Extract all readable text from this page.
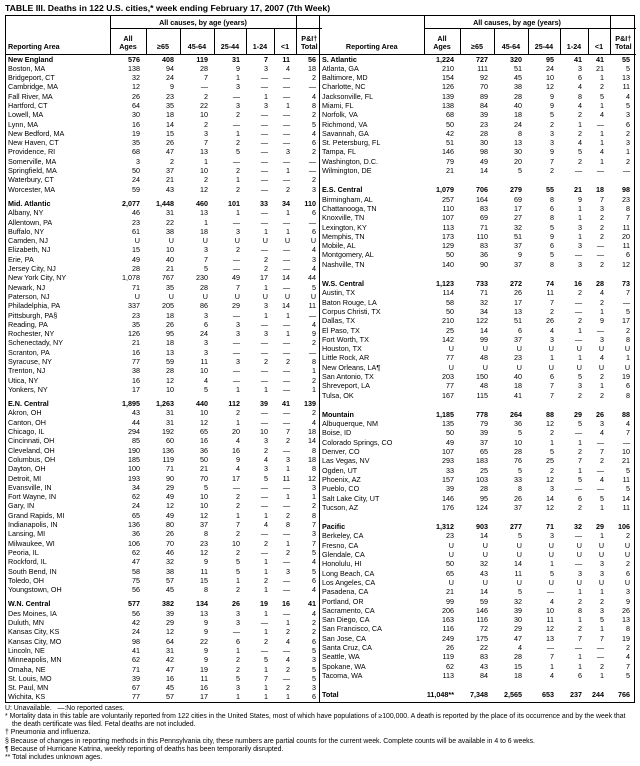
TABLE III. Deaths in 122 U.S. cities,* week ending February 17, 2007 (7th Week)
Reporting Area	All causes, by age (years)						
	All
Ages	≥65	45-64	25-44	1-24	<1	P&I†
Total
New England	576	408	119	31	7	11	56
Boston, MA	138	94	28	9	3	4	18
Bridgeport, CT	32	24	7	1	—	—	2
Cambridge, MA	12	9	—	3	—	—	—
Fall River, MA	26	23	2	—	1	—	4
Hartford, CT	64	35	22	3	3	1	8
Lowell, MA	30	18	10	2	—	—	2
Lynn, MA	16	14	2	—	—	—	5
New Bedford, MA	19	15	3	1	—	—	4
New Haven, CT	35	26	7	2	—	—	6
Providence, RI	68	47	13	5	—	3	2
Somerville, MA	3	2	1	—	—	—	—
Springfield, MA	50	37	10	2	—	1	—
Waterbury, CT	24	21	2	1	—	—	2
Worcester, MA	59	43	12	2	—	2	3

Mid. Atlantic	2,077	1,448	460	101	33	34	110
Albany, NY	46	31	13	1	—	1	6
Allentown, PA	23	22	1	—	—	—	—
Buffalo, NY	61	38	18	3	1	1	6
Camden, NJ	U	U	U	U	U	U	U
Elizabeth, NJ	15	10	3	2	—	—	4
Erie, PA	49	40	7	—	2	—	3
Jersey City, NJ	28	21	5	—	2	—	4
New York City, NY	1,078	767	230	49	17	14	44
Newark, NJ	71	35	28	7	1	—	5
Paterson, NJ	U	U	U	U	U	U	U
Philadelphia, PA	337	205	86	29	3	14	11
Pittsburgh, PA§	23	18	3	—	1	1	—
Reading, PA	35	26	6	3	—	—	4
Rochester, NY	126	95	24	3	3	1	9
Schenectady, NY	21	18	3	—	—	—	2
Scranton, PA	16	13	3	—	—	—	—
Syracuse, NY	77	59	11	3	2	2	8
Trenton, NJ	38	28	10	—	—	—	1
Utica, NY	16	12	4	—	—	—	2
Yonkers, NY	17	10	5	1	1	—	1

E.N. Central	1,895	1,263	440	112	39	41	139
Akron, OH	43	31	10	2	—	—	2
Canton, OH	44	31	12	1	—	—	4
Chicago, IL	294	192	65	20	10	7	18
Cincinnati, OH	85	60	16	4	3	2	14
Cleveland, OH	190	136	36	16	2	—	8
Columbus, OH	185	119	50	9	4	3	18
Dayton, OH	100	71	21	4	3	1	8
Detroit, MI	193	90	70	17	5	11	12
Evansville, IN	34	29	5	—	—	—	3
Fort Wayne, IN	62	49	10	2	—	1	1
Gary, IN	24	12	10	2	—	—	2
Grand Rapids, MI	65	49	12	1	1	2	8
Indianapolis, IN	136	80	37	7	4	8	7
Lansing, MI	36	26	8	2	—	—	3
Milwaukee, WI	106	70	23	10	2	1	7
Peoria, IL	62	46	12	2	—	2	5
Rockford, IL	47	32	9	5	1	—	4
South Bend, IN	58	38	11	5	1	3	5
Toledo, OH	75	57	15	1	2	—	6
Youngstown, OH	56	45	8	2	1	—	4

W.N. Central	577	382	134	26	19	16	41
Des Moines, IA	56	39	13	3	1	—	4
Duluth, MN	42	29	9	3	—	1	2
Kansas City, KS	24	12	9	—	1	2	2
Kansas City, MO	98	64	22	6	2	4	6
Lincoln, NE	41	31	9	1	—	—	5
Minneapolis, MN	62	42	9	2	5	4	3
Omaha, NE	71	47	19	2	1	2	5
St. Louis, MO	39	16	11	5	7	—	5
St. Paul, MN	67	45	16	3	1	2	3
Wichita, KS	77	57	17	1	1	1	6
Reporting Area	All causes, by age (years)						
	All
Ages	≥65	45-64	25-44	1-24	<1	P&I†
Total
S. Atlantic	1,224	727	320	95	41	41	55
Atlanta, GA	210	111	51	24	3	21	5
Baltimore, MD	154	92	45	10	6	1	13
Charlotte, NC	126	70	38	12	4	2	11
Jacksonville, FL	139	89	28	9	8	5	4
Miami, FL	138	84	40	9	4	1	5
Norfolk, VA	68	39	18	5	2	4	3
Richmond, VA	50	23	24	2	1	—	6
Savannah, GA	42	28	8	3	2	1	2
St. Petersburg, FL	51	30	13	3	4	1	3
Tampa, FL	146	98	30	9	5	4	1
Washington, D.C.	79	49	20	7	2	1	2
Wilmington, DE	21	14	5	2	—	—	—

E.S. Central	1,079	706	279	55	21	18	98
Birmingham, AL	257	164	69	8	9	7	23
Chattanooga, TN	110	83	17	6	1	3	8
Knoxville, TN	107	69	27	8	1	2	7
Lexington, KY	113	71	32	5	3	2	11
Memphis, TN	173	110	51	9	1	2	20
Mobile, AL	129	83	37	6	3	—	11
Montgomery, AL	50	36	9	5	—	—	6
Nashville, TN	140	90	37	8	3	2	12

W.S. Central	1,123	733	272	74	16	28	73
Austin, TX	114	71	26	11	2	4	7
Baton Rouge, LA	58	32	17	7	—	2	—
Corpus Christi, TX	50	34	13	2	—	1	5
Dallas, TX	210	122	51	26	2	9	17
El Paso, TX	25	14	6	4	1	—	2
Fort Worth, TX	142	99	37	3	—	3	8
Houston, TX	U	U	U	U	U	U	U
Little Rock, AR	77	48	23	1	1	4	1
New Orleans, LA¶	U	U	U	U	U	U	U
San Antonio, TX	203	150	40	6	5	2	19
Shreveport, LA	77	48	18	7	3	1	6
Tulsa, OK	167	115	41	7	2	2	8

Mountain	1,185	778	264	88	29	26	88
Albuquerque, NM	135	79	36	12	5	3	4
Boise, ID	50	39	5	2	—	4	7
Colorado Springs, CO	49	37	10	1	1	—	—
Denver, CO	107	65	28	5	2	7	10
Las Vegas, NV	293	183	76	25	7	2	21
Ogden, UT	33	25	5	2	1	—	5
Phoenix, AZ	157	103	33	12	5	4	11
Pueblo, CO	39	28	8	3	—	—	5
Salt Lake City, UT	146	95	26	14	6	5	14
Tucson, AZ	176	124	37	12	2	1	11

Pacific	1,312	903	277	71	32	29	106
Berkeley, CA	23	14	5	3	—	1	2
Fresno, CA	U	U	U	U	U	U	U
Glendale, CA	U	U	U	U	U	U	U
Honolulu, HI	50	32	14	1	—	3	2
Long Beach, CA	65	43	11	5	3	3	6
Los Angeles, CA	U	U	U	U	U	U	U
Pasadena, CA	21	14	5	—	1	1	3
Portland, OR	99	59	32	4	2	2	9
Sacramento, CA	206	146	39	10	8	3	26
San Diego, CA	163	116	30	11	1	5	13
San Francisco, CA	116	72	29	12	2	1	8
San Jose, CA	249	175	47	13	7	7	19
Santa Cruz, CA	26	22	4	—	—	—	2
Seattle, WA	119	83	28	7	1	—	4
Spokane, WA	62	43	15	1	1	2	7
Tacoma, WA	113	84	18	4	6	1	5

Total	11,048**	7,348	2,565	653	237	244	766
U: Unavailable.   —:No reported cases.
* Mortality data in this table are voluntarily reported from 122 cities in the United States, most of which have populations of ≥100,000. A death is reported by the place of its occurrence and by the week that the death certificate was filed. Fetal deaths are not included.
† Pneumonia and influenza.
§ Because of changes in reporting methods in this Pennsylvania city, these numbers are partial counts for the current week. Complete counts will be available in 4 to 6 weeks.
¶ Because of Hurricane Katrina, weekly reporting of deaths has been temporarily disrupted.
** Total includes unknown ages.
